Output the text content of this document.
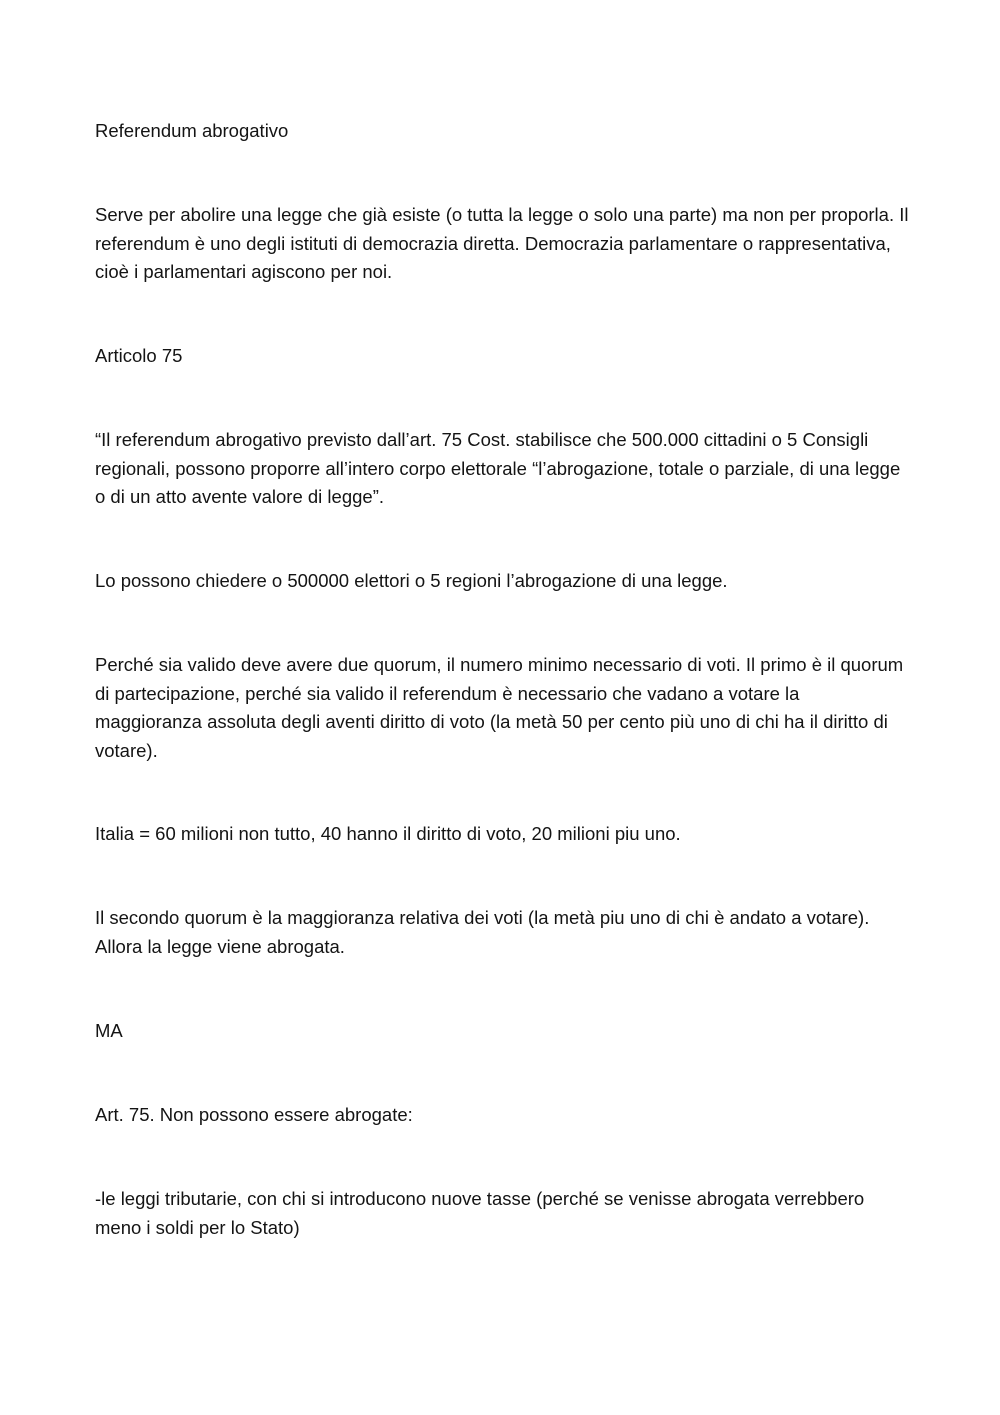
Referendum abrogativo

Serve per abolire una legge che già esiste (o tutta la legge o solo una parte) ma non per proporla. Il referendum è uno degli istituti di democrazia diretta. Democrazia parlamentare o rappresentativa, cioè i parlamentari agiscono per noi.

Articolo 75

“Il referendum abrogativo previsto dall’art. 75 Cost. stabilisce che 500.000 cittadini o 5 Consigli regionali, possono proporre all’intero corpo elettorale “l’abrogazione, totale o parziale, di una legge o di un atto avente valore di legge”.

Lo possono chiedere o 500000 elettori o 5 regioni l’abrogazione di una legge.

Perché sia valido deve avere due quorum, il numero minimo necessario di voti. Il primo è il quorum di partecipazione, perché sia valido il referendum è necessario che vadano a votare la maggioranza assoluta degli aventi diritto di voto (la metà 50 per cento più uno di chi ha il diritto di votare).

Italia = 60 milioni non tutto, 40 hanno il diritto di voto, 20 milioni piu uno.

Il secondo quorum è la maggioranza relativa dei voti (la metà piu uno di chi è andato a votare). Allora la legge viene abrogata.

MA

Art. 75. Non possono essere abrogate:

-le leggi tributarie, con chi si introducono nuove tasse (perché se venisse abrogata verrebbero meno i soldi per lo Stato)
